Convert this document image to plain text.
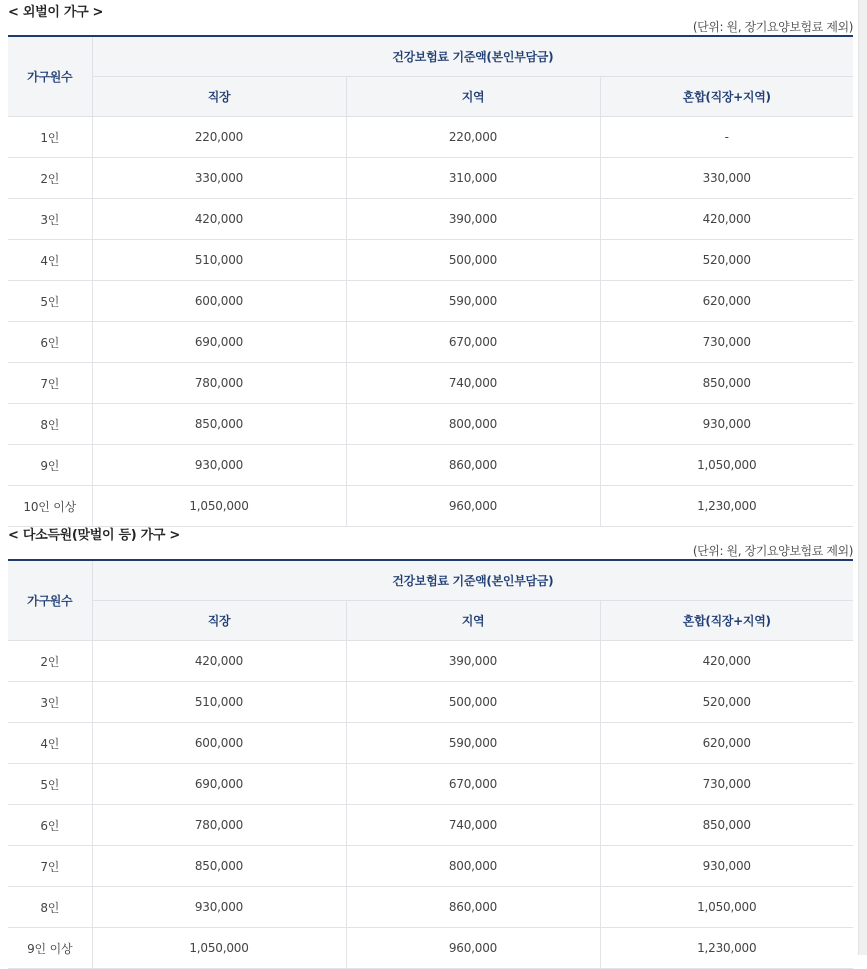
< 외벌이 가구 >
(단위: 원, 장기요양보험료 제외)
가구원수	건강보험료 기준액(본인부담금)		
	직장	지역	혼합(직장+지역)
1인	220,000	220,000	-
2인	330,000	310,000	330,000
3인	420,000	390,000	420,000
4인	510,000	500,000	520,000
5인	600,000	590,000	620,000
6인	690,000	670,000	730,000
7인	780,000	740,000	850,000
8인	850,000	800,000	930,000
9인	930,000	860,000	1,050,000
10인 이상	1,050,000	960,000	1,230,000
< 다소득원(맞벌이 등) 가구 >
(단위: 원, 장기요양보험료 제외)
가구원수	건강보험료 기준액(본인부담금)		
	직장	지역	혼합(직장+지역)
2인	420,000	390,000	420,000
3인	510,000	500,000	520,000
4인	600,000	590,000	620,000
5인	690,000	670,000	730,000
6인	780,000	740,000	850,000
7인	850,000	800,000	930,000
8인	930,000	860,000	1,050,000
9인 이상	1,050,000	960,000	1,230,000
